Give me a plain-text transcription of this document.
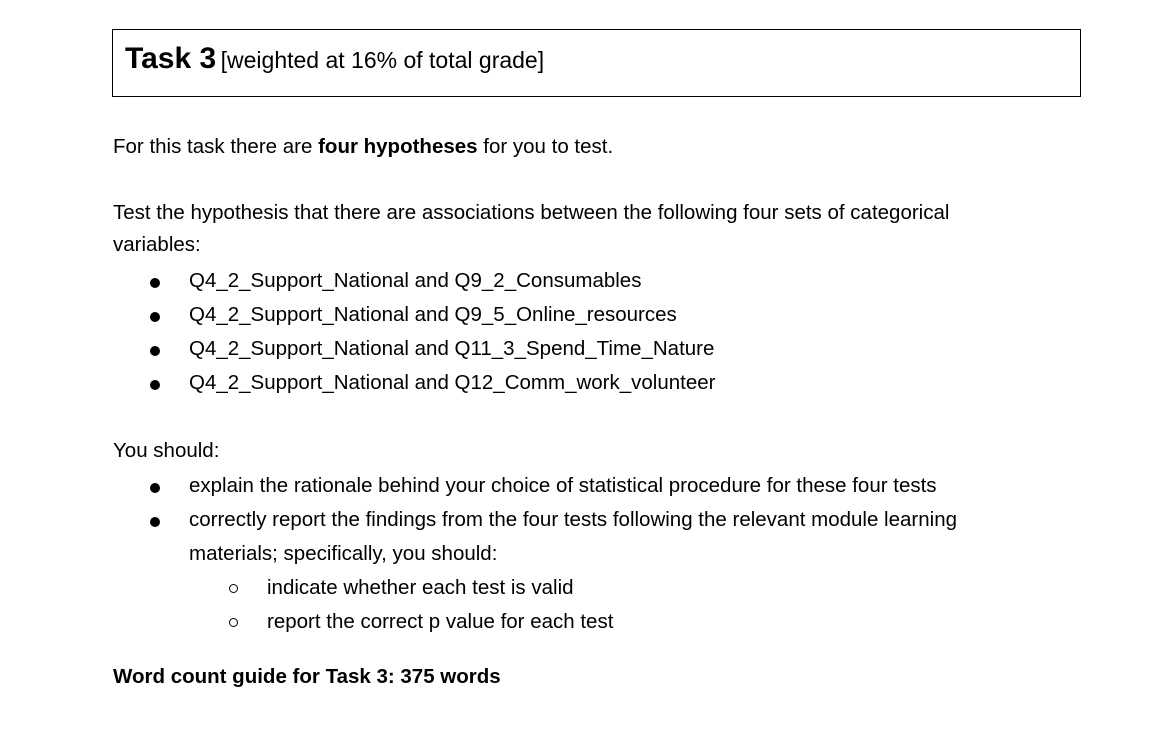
Task 3 [weighted at 16% of total grade]
For this task there are four hypotheses for you to test.
Test the hypothesis that there are associations between the following four sets of categorical variables:
Q4_2_Support_National and Q9_2_Consumables
Q4_2_Support_National and Q9_5_Online_resources
Q4_2_Support_National and Q11_3_Spend_Time_Nature
Q4_2_Support_National and Q12_Comm_work_volunteer
You should:
explain the rationale behind your choice of statistical procedure for these four tests
correctly report the findings from the four tests following the relevant module learning materials; specifically, you should:
indicate whether each test is valid
report the correct p value for each test
Word count guide for Task 3: 375 words
